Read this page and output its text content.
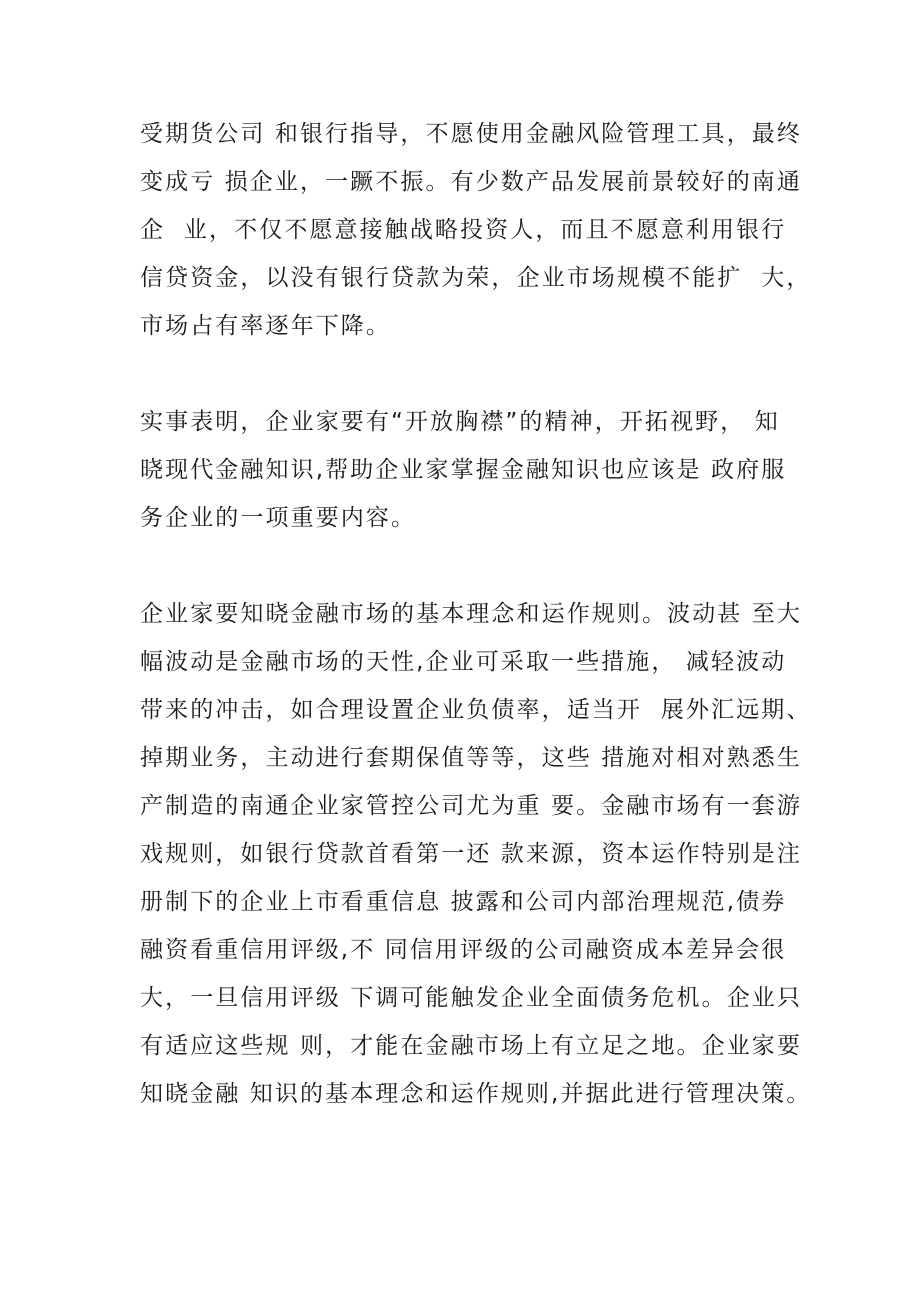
受期货公司 和银行指导，不愿使用金融风险管理工具，最终
变成亏 损企业，一蹶不振。有少数产品发展前景较好的南通
企  业，不仅不愿意接触战略投资人，而且不愿意利用银行
信贷资金，以没有银行贷款为荣，企业市场规模不能扩  大，
市场占有率逐年下降。
实事表明，企业家要有“开放胸襟”的精神，开拓视野， 知
晓现代金融知识,帮助企业家掌握金融知识也应该是 政府服
务企业的一项重要内容。
企业家要知晓金融市场的基本理念和运作规则。波动甚 至大
幅波动是金融市场的天性,企业可采取一些措施， 减轻波动
带来的冲击，如合理设置企业负债率，适当开  展外汇远期、
掉期业务，主动进行套期保值等等，这些 措施对相对熟悉生
产制造的南通企业家管控公司尤为重 要。金融市场有一套游
戏规则，如银行贷款首看第一还 款来源，资本运作特别是注
册制下的企业上市看重信息 披露和公司内部治理规范,债券
融资看重信用评级,不 同信用评级的公司融资成本差异会很
大，一旦信用评级 下调可能触发企业全面债务危机。企业只
有适应这些规 则，才能在金融市场上有立足之地。企业家要
知晓金融 知识的基本理念和运作规则,并据此进行管理决策。
